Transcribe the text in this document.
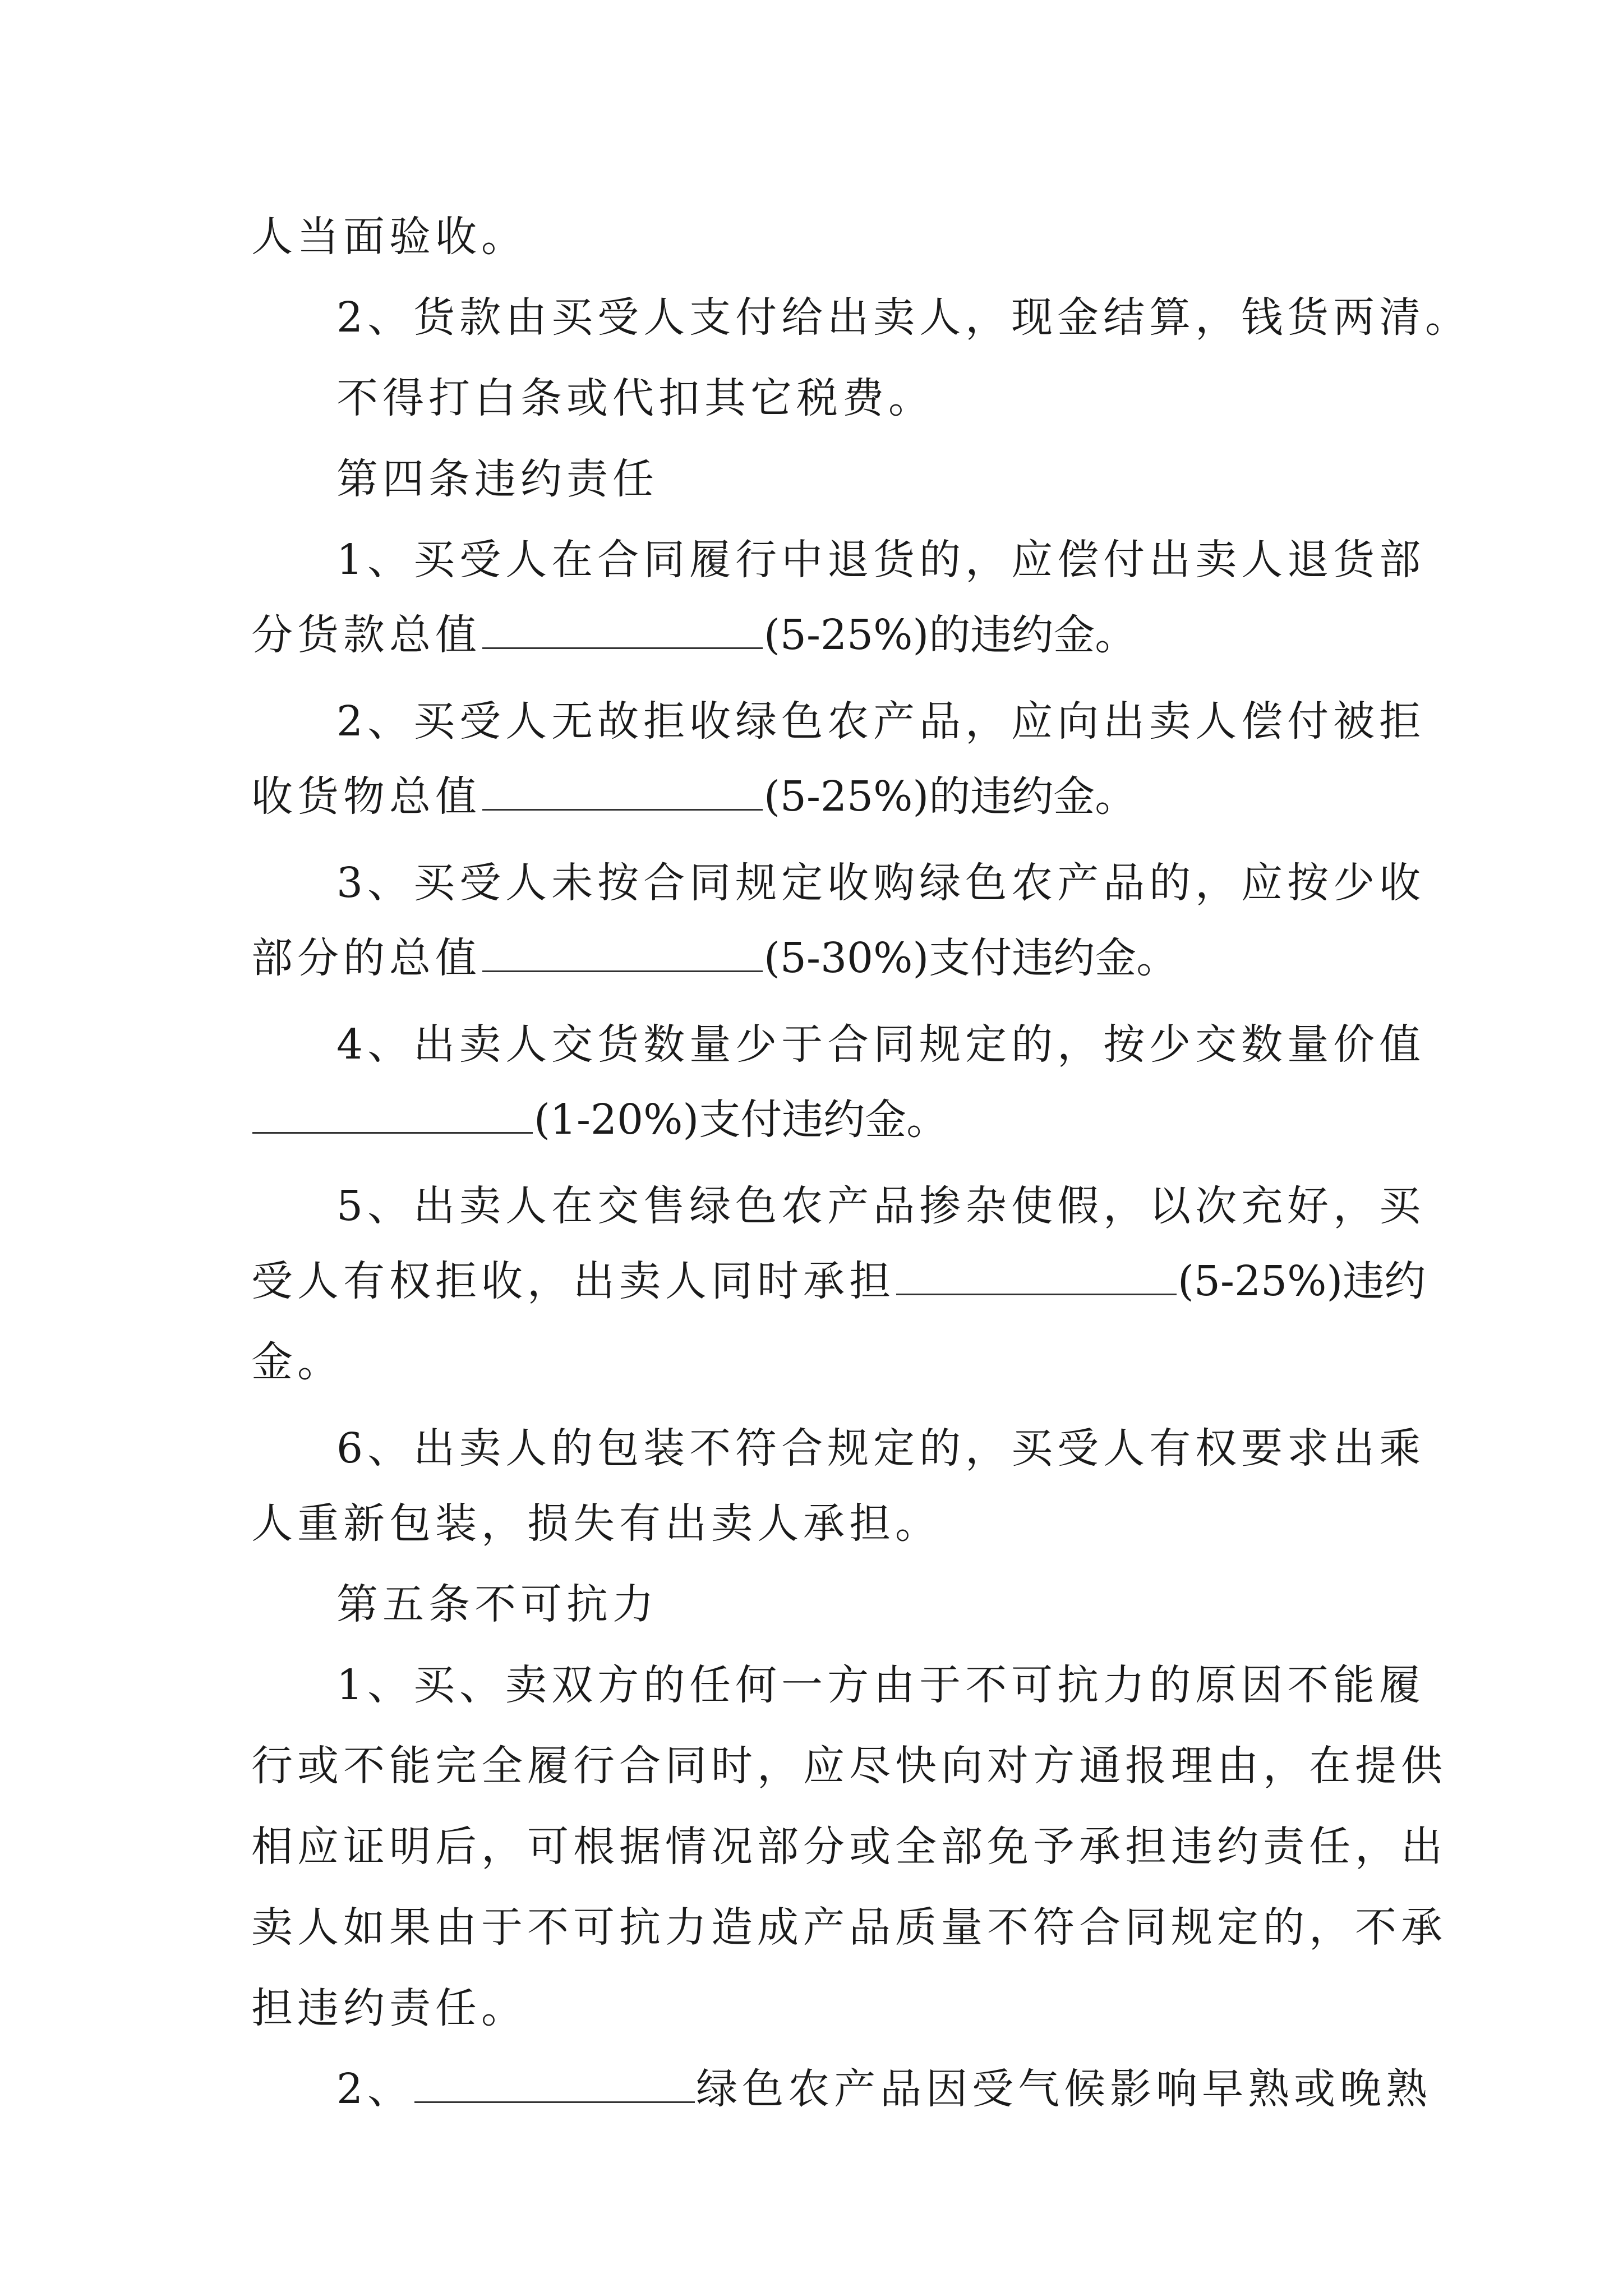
人当面验收。
2、货款由买受人支付给出卖人，现金结算，钱货两清。
不得打白条或代扣其它税费。
第四条违约责任
1、买受人在合同履行中退货的，应偿付出卖人退货部
分货款总值	(5-25%)的违约金。
2、买受人无故拒收绿色农产品，应向出卖人偿付被拒
收货物总值	(5-25%)的违约金。
3、买受人未按合同规定收购绿色农产品的，应按少收
部分的总值	(5-30%)支付违约金。
4、出卖人交货数量少于合同规定的，按少交数量价值
(1-20%)支付违约金。
5、出卖人在交售绿色农产品掺杂使假，以次充好，买
受人有权拒收，出卖人同时承担	(5-25%)违约
金。
6、出卖人的包装不符合规定的，买受人有权要求出乘
人重新包装，损失有出卖人承担。
第五条不可抗力
1、买、卖双方的任何一方由于不可抗力的原因不能履
行或不能完全履行合同时，应尽快向对方通报理由，在提供
相应证明后，可根据情况部分或全部免予承担违约责任，出
卖人如果由于不可抗力造成产品质量不符合同规定的，不承
担违约责任。
2、	绿色农产品因受气候影响早熟或晚熟
